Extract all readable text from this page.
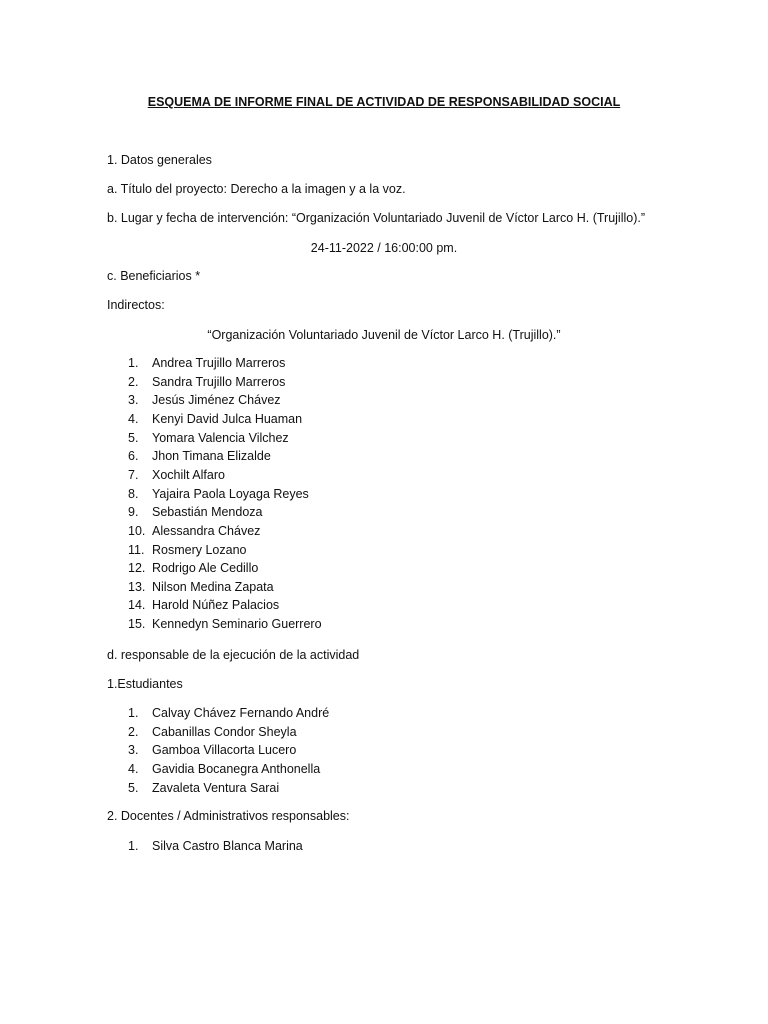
ESQUEMA DE INFORME FINAL DE ACTIVIDAD DE RESPONSABILIDAD SOCIAL
1. Datos generales
a. Título del proyecto: Derecho a la imagen y a la voz.
b. Lugar y fecha de intervención: “Organización Voluntariado Juvenil de Víctor Larco H. (Trujillo).”
24-11-2022 / 16:00:00 pm.
c. Beneficiarios *
Indirectos:
“Organización Voluntariado Juvenil de Víctor Larco H. (Trujillo).”
1. Andrea Trujillo Marreros
2. Sandra Trujillo Marreros
3. Jesús Jiménez Chávez
4. Kenyi David Julca Huaman
5. Yomara Valencia Vilchez
6. Jhon Timana Elizalde
7. Xochilt Alfaro
8. Yajaira Paola Loyaga Reyes
9. Sebastián Mendoza
10. Alessandra Chávez
11. Rosmery Lozano
12. Rodrigo Ale Cedillo
13. Nilson Medina Zapata
14. Harold Núñez Palacios
15. Kennedyn Seminario Guerrero
d. responsable de la ejecución de la actividad
1.Estudiantes
1. Calvay Chávez Fernando André
2. Cabanillas Condor Sheyla
3. Gamboa Villacorta Lucero
4. Gavidia Bocanegra Anthonella
5. Zavaleta Ventura Sarai
2. Docentes / Administrativos responsables:
1. Silva Castro Blanca Marina
